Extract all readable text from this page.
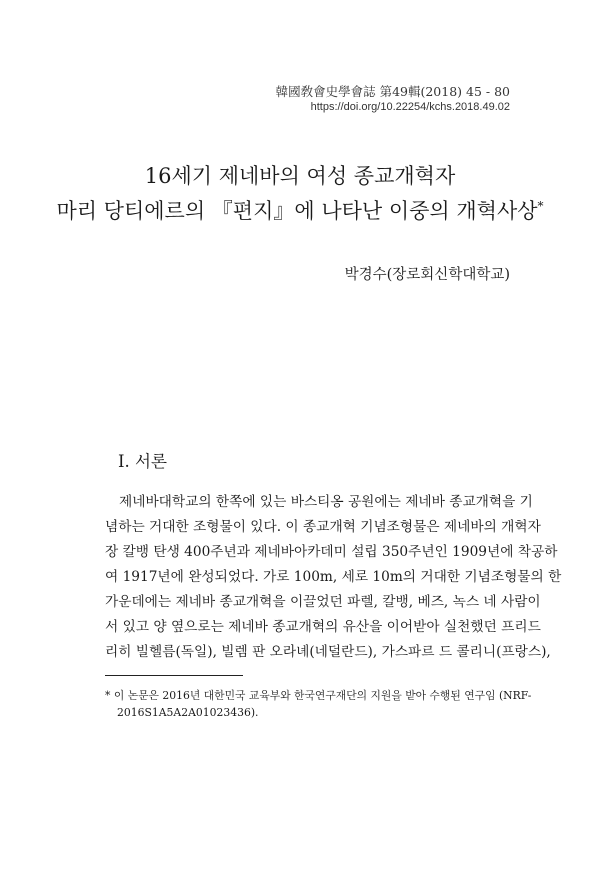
韓國敎會史學會誌 第49輯(2018) 45 - 80
https://doi.org/10.22254/kchs.2018.49.02
16세기 제네바의 여성 종교개혁자
마리 당티에르의 『편지』에 나타난 이중의 개혁사상*
박경수(장로회신학대학교)
I. 서론
제네바대학교의 한쪽에 있는 바스티옹 공원에는 제네바 종교개혁을 기
념하는 거대한 조형물이 있다. 이 종교개혁 기념조형물은 제네바의 개혁자
장 칼뱅 탄생 400주년과 제네바아카데미 설립 350주년인 1909년에 착공하
여 1917년에 완성되었다. 가로 100m, 세로 10m의 거대한 기념조형물의 한
가운데에는 제네바 종교개혁을 이끌었던 파렐, 칼뱅, 베즈, 녹스 네 사람이
서 있고 양 옆으로는 제네바 종교개혁의 유산을 이어받아 실천했던 프리드
리히 빌헬름(독일), 빌렘 판 오라녜(네덜란드), 가스파르 드 콜리니(프랑스),
* 이 논문은 2016년 대한민국 교육부와 한국연구재단의 지원을 받아 수행된 연구임 (NRF-
2016S1A5A2A01023436).
